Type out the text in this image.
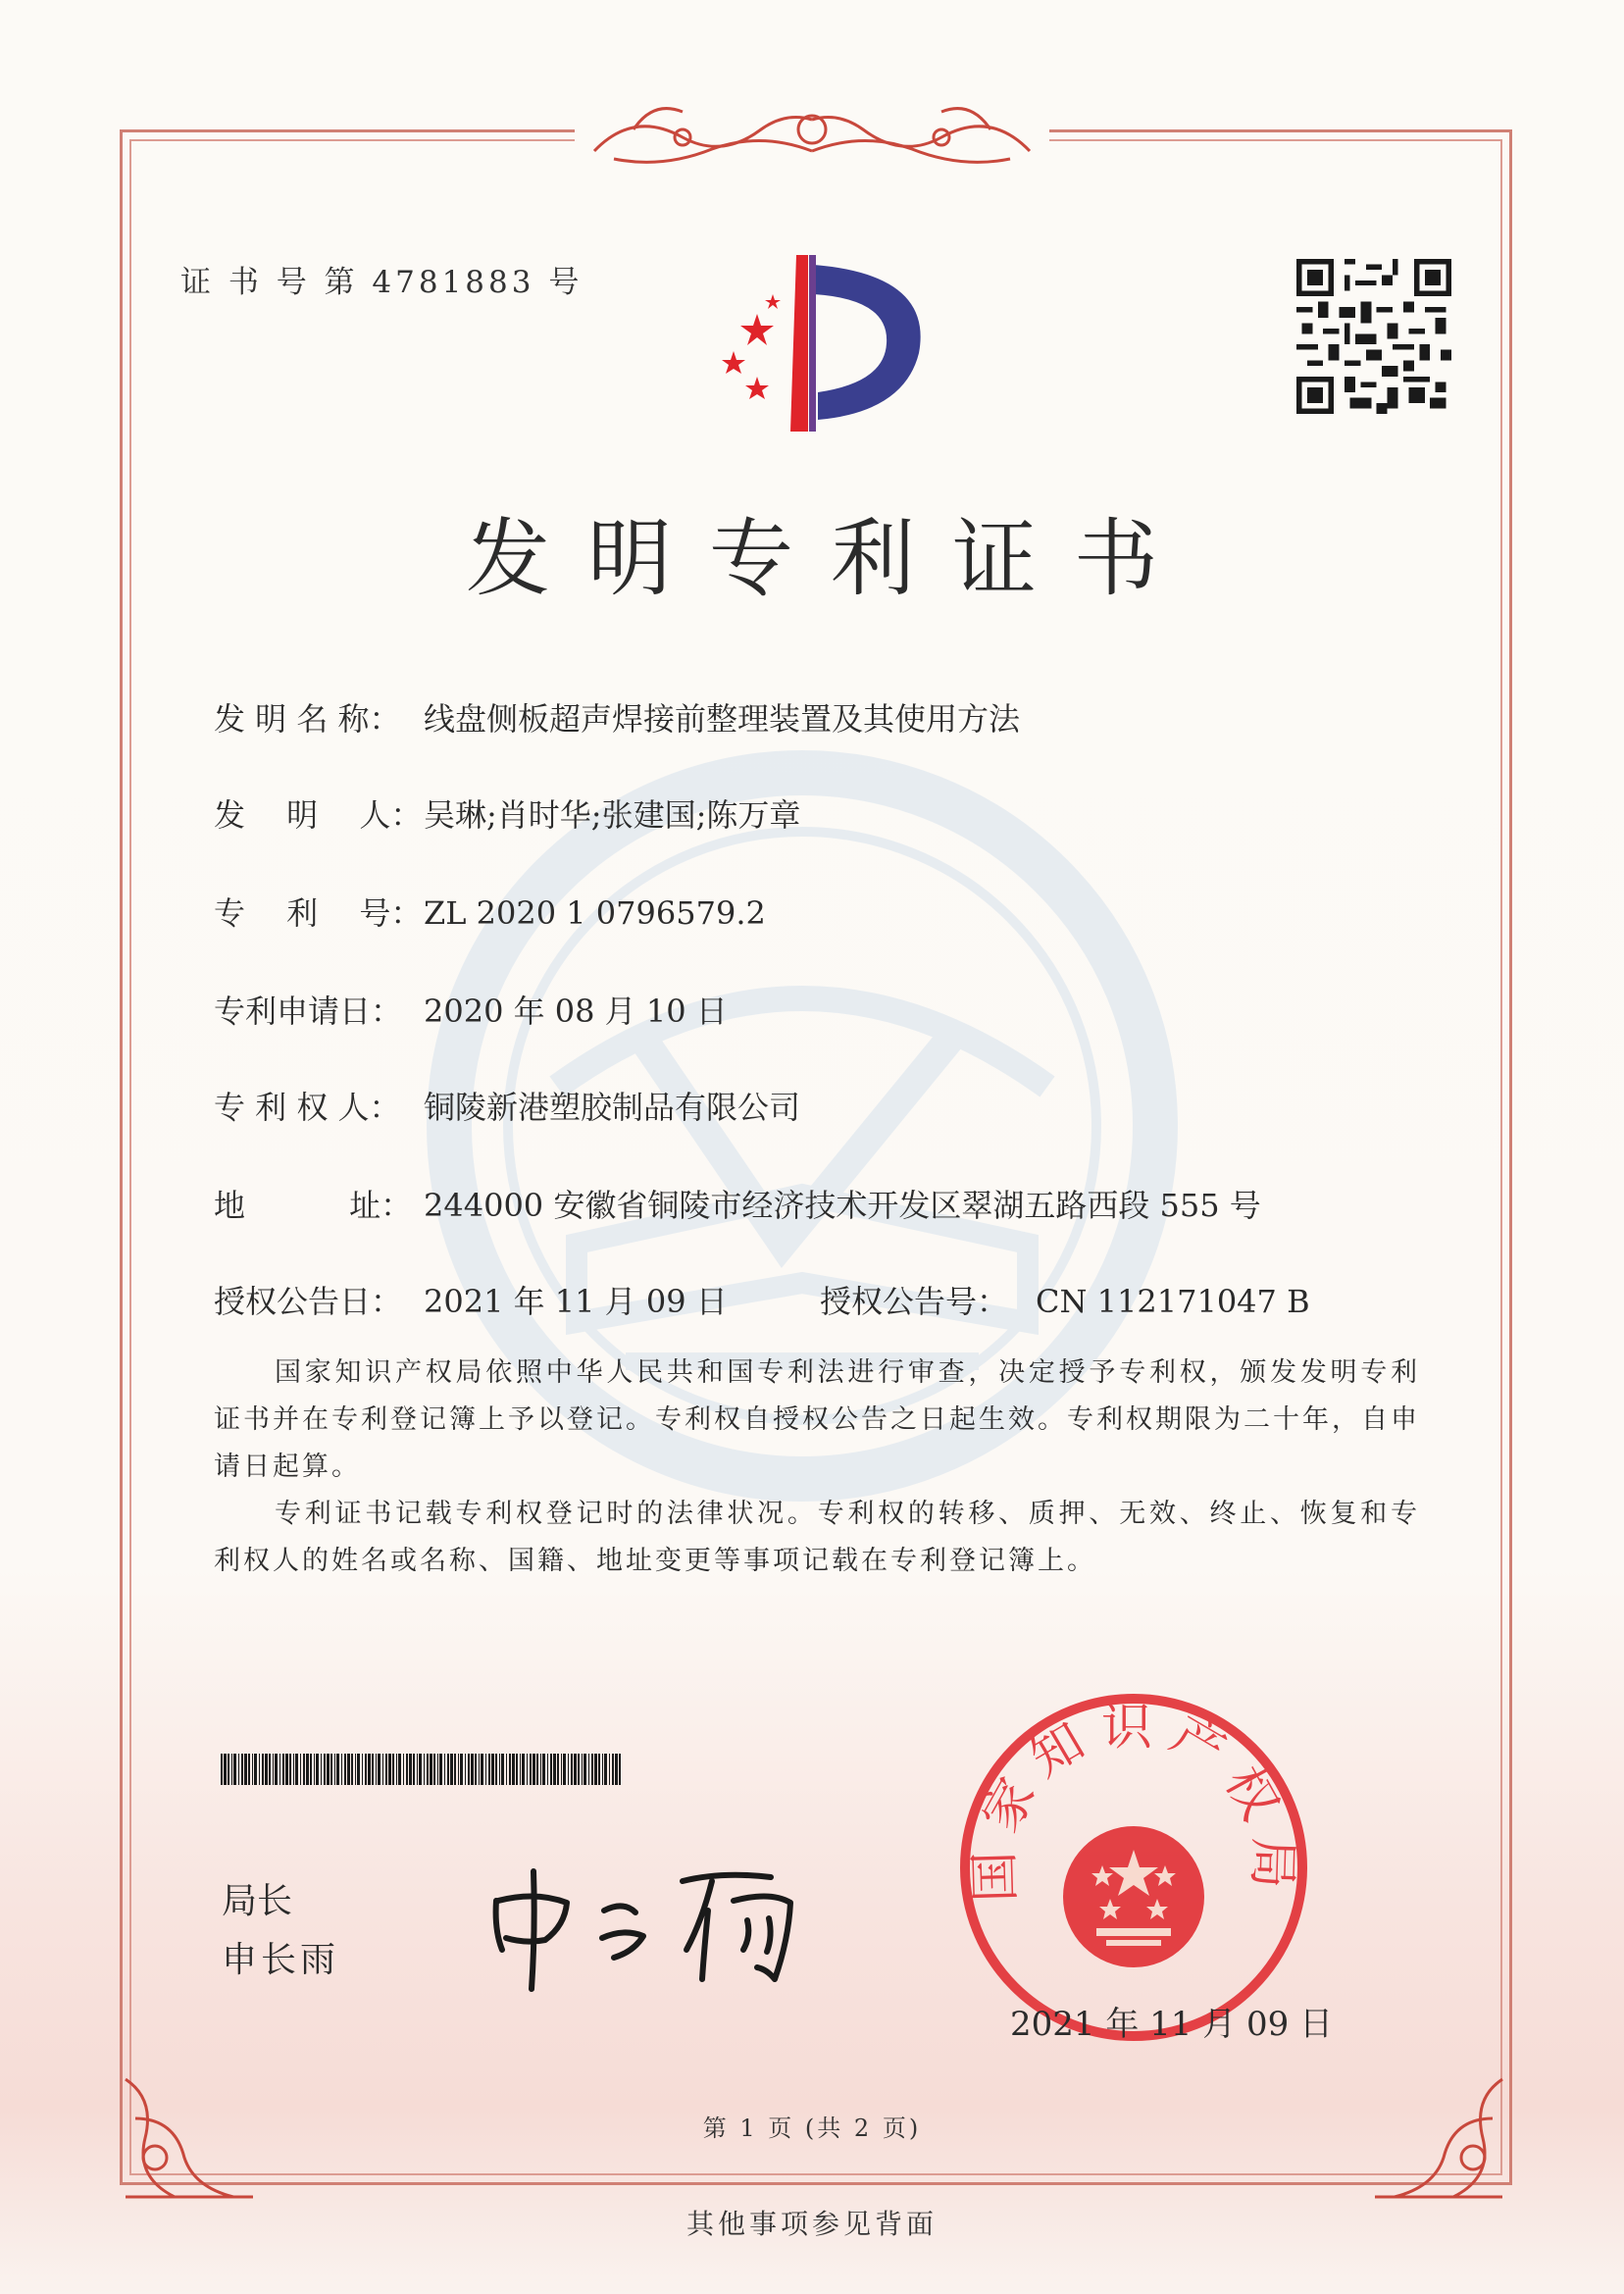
证 书 号 第 4781883 号
发明专利证书
发 明 名 称： 线盘侧板超声焊接前整理装置及其使用方法
发　 明 　人：吴琳;肖时华;张建国;陈万章
专　 利 　号：ZL 2020 1 0796579.2
专利申请日： 2020 年 08 月 10 日
专 利 权 人： 铜陵新港塑胶制品有限公司
地　　　 址： 244000 安徽省铜陵市经济技术开发区翠湖五路西段 555 号
授权公告日： 2021 年 11 月 09 日	授权公告号： CN 112171047 B
国家知识产权局依照中华人民共和国专利法进行审查，决定授予专利权，颁发发明专利证书并在专利登记簿上予以登记。专利权自授权公告之日起生效。专利权期限为二十年，自申请日起算。
专利证书记载专利权登记时的法律状况。专利权的转移、质押、无效、终止、恢复和专利权人的姓名或名称、国籍、地址变更等事项记载在专利登记簿上。
局长
申长雨
国家知识产权局
2021 年 11 月 09 日
第 1 页 (共 2 页)
其他事项参见背面
